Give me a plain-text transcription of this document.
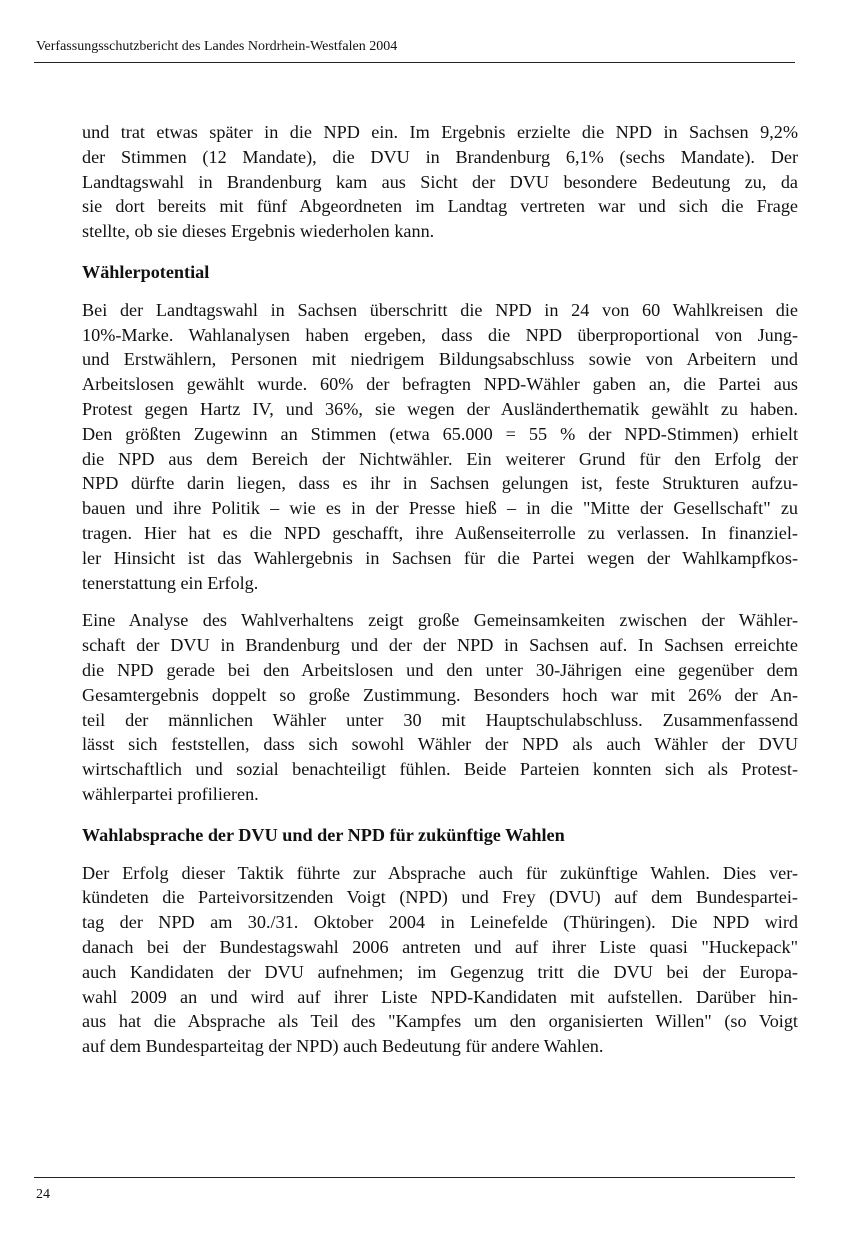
Verfassungsschutzbericht des Landes Nordrhein-Westfalen 2004

und trat etwas später in die NPD ein. Im Ergebnis erzielte die NPD in Sachsen 9,2%
der Stimmen (12 Mandate), die DVU in Brandenburg 6,1% (sechs Mandate). Der
Landtagswahl in Brandenburg kam aus Sicht der DVU besondere Bedeutung zu, da
sie dort bereits mit fünf Abgeordneten im Landtag vertreten war und sich die Frage
stellte, ob sie dieses Ergebnis wiederholen kann.

Wählerpotential

Bei der Landtagswahl in Sachsen überschritt die NPD in 24 von 60 Wahlkreisen die
10%-Marke. Wahlanalysen haben ergeben, dass die NPD überproportional von Jung-
und Erstwählern, Personen mit niedrigem Bildungsabschluss sowie von Arbeitern und
Arbeitslosen gewählt wurde. 60% der befragten NPD-Wähler gaben an, die Partei aus
Protest gegen Hartz IV, und 36%, sie wegen der Ausländerthematik gewählt zu haben.
Den größten Zugewinn an Stimmen (etwa 65.000 = 55 % der NPD-Stimmen) erhielt
die NPD aus dem Bereich der Nichtwähler. Ein weiterer Grund für den Erfolg der
NPD dürfte darin liegen, dass es ihr in Sachsen gelungen ist, feste Strukturen aufzu-
bauen und ihre Politik – wie es in der Presse hieß – in die "Mitte der Gesellschaft" zu
tragen. Hier hat es die NPD geschafft, ihre Außenseiterrolle zu verlassen. In finanziel-
ler Hinsicht ist das Wahlergebnis in Sachsen für die Partei wegen der Wahlkampfkos-
tenerstattung ein Erfolg.

Eine Analyse des Wahlverhaltens zeigt große Gemeinsamkeiten zwischen der Wähler-
schaft der DVU in Brandenburg und der der NPD in Sachsen auf. In Sachsen erreichte
die NPD gerade bei den Arbeitslosen und den unter 30-Jährigen eine gegenüber dem
Gesamtergebnis doppelt so große Zustimmung. Besonders hoch war mit 26% der An-
teil der männlichen Wähler unter 30 mit Hauptschulabschluss. Zusammenfassend
lässt sich feststellen, dass sich sowohl Wähler der NPD als auch Wähler der DVU
wirtschaftlich und sozial benachteiligt fühlen. Beide Parteien konnten sich als Protest-
wählerpartei profilieren.

Wahlabsprache der DVU und der NPD für zukünftige Wahlen

Der Erfolg dieser Taktik führte zur Absprache auch für zukünftige Wahlen. Dies ver-
kündeten die Parteivorsitzenden Voigt (NPD) und Frey (DVU) auf dem Bundespartei-
tag der NPD am 30./31. Oktober 2004 in Leinefelde (Thüringen). Die NPD wird
danach bei der Bundestagswahl 2006 antreten und auf ihrer Liste quasi "Huckepack"
auch Kandidaten der DVU aufnehmen; im Gegenzug tritt die DVU bei der Europa-
wahl 2009 an und wird auf ihrer Liste NPD-Kandidaten mit aufstellen. Darüber hin-
aus hat die Absprache als Teil des "Kampfes um den organisierten Willen" (so Voigt
auf dem Bundesparteitag der NPD) auch Bedeutung für andere Wahlen.

24
